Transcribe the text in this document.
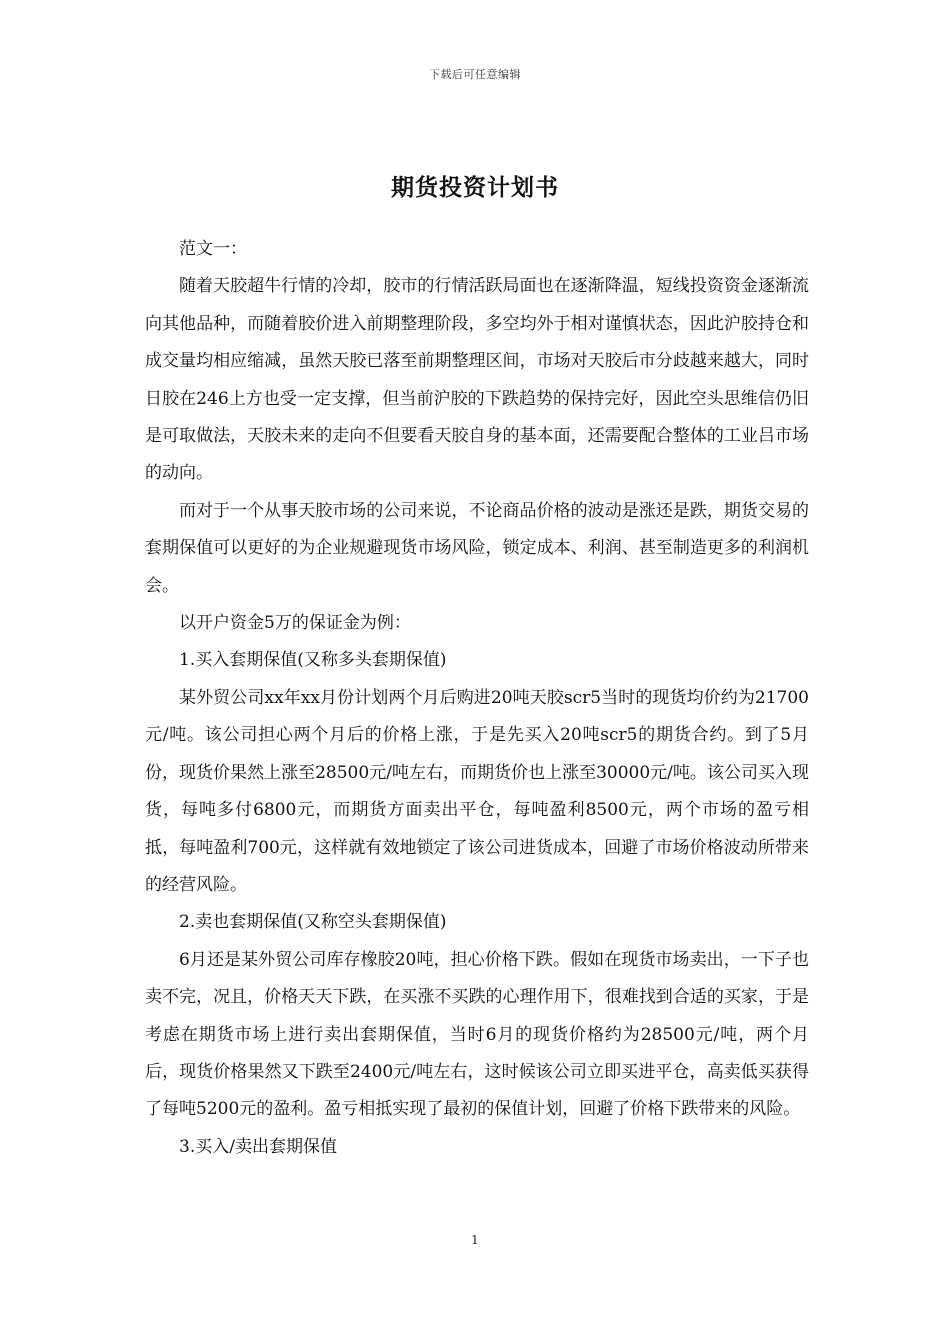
下载后可任意编辑
期货投资计划书

范文一：

随着天胶超牛行情的冷却，胶市的行情活跃局面也在逐渐降温，短线投资资金逐渐流向其他品种，而随着胶价进入前期整理阶段，多空均外于相对谨慎状态，因此沪胶持仓和成交量均相应缩减，虽然天胶已落至前期整理区间，市场对天胶后市分歧越来越大，同时日胶在246上方也受一定支撑，但当前沪胶的下跌趋势的保持完好，因此空头思维信仍旧是可取做法，天胶未来的走向不但要看天胶自身的基本面，还需要配合整体的工业吕市场的动向。

而对于一个从事天胶市场的公司来说，不论商品价格的波动是涨还是跌，期货交易的套期保值可以更好的为企业规避现货市场风险，锁定成本、利润、甚至制造更多的利润机会。

以开户资金5万的保证金为例：

1.买入套期保值(又称多头套期保值)

某外贸公司xx年xx月份计划两个月后购进20吨天胶scr5当时的现货均价约为21700元/吨。该公司担心两个月后的价格上涨，于是先买入20吨scr5的期货合约。到了5月份，现货价果然上涨至28500元/吨左右，而期货价也上涨至30000元/吨。该公司买入现货，每吨多付6800元，而期货方面卖出平仓，每吨盈利8500元，两个市场的盈亏相抵，每吨盈利700元，这样就有效地锁定了该公司进货成本，回避了市场价格波动所带来的经营风险。

2.卖也套期保值(又称空头套期保值)

6月还是某外贸公司库存橡胶20吨，担心价格下跌。假如在现货市场卖出，一下子也卖不完，况且，价格天天下跌，在买涨不买跌的心理作用下，很难找到合适的买家，于是考虑在期货市场上进行卖出套期保值，当时6月的现货价格约为28500元/吨，两个月后，现货价格果然又下跌至2400元/吨左右，这时候该公司立即买进平仓，高卖低买获得了每吨5200元的盈利。盈亏相抵实现了最初的保值计划，回避了价格下跌带来的风险。

3.买入/卖出套期保值

1
